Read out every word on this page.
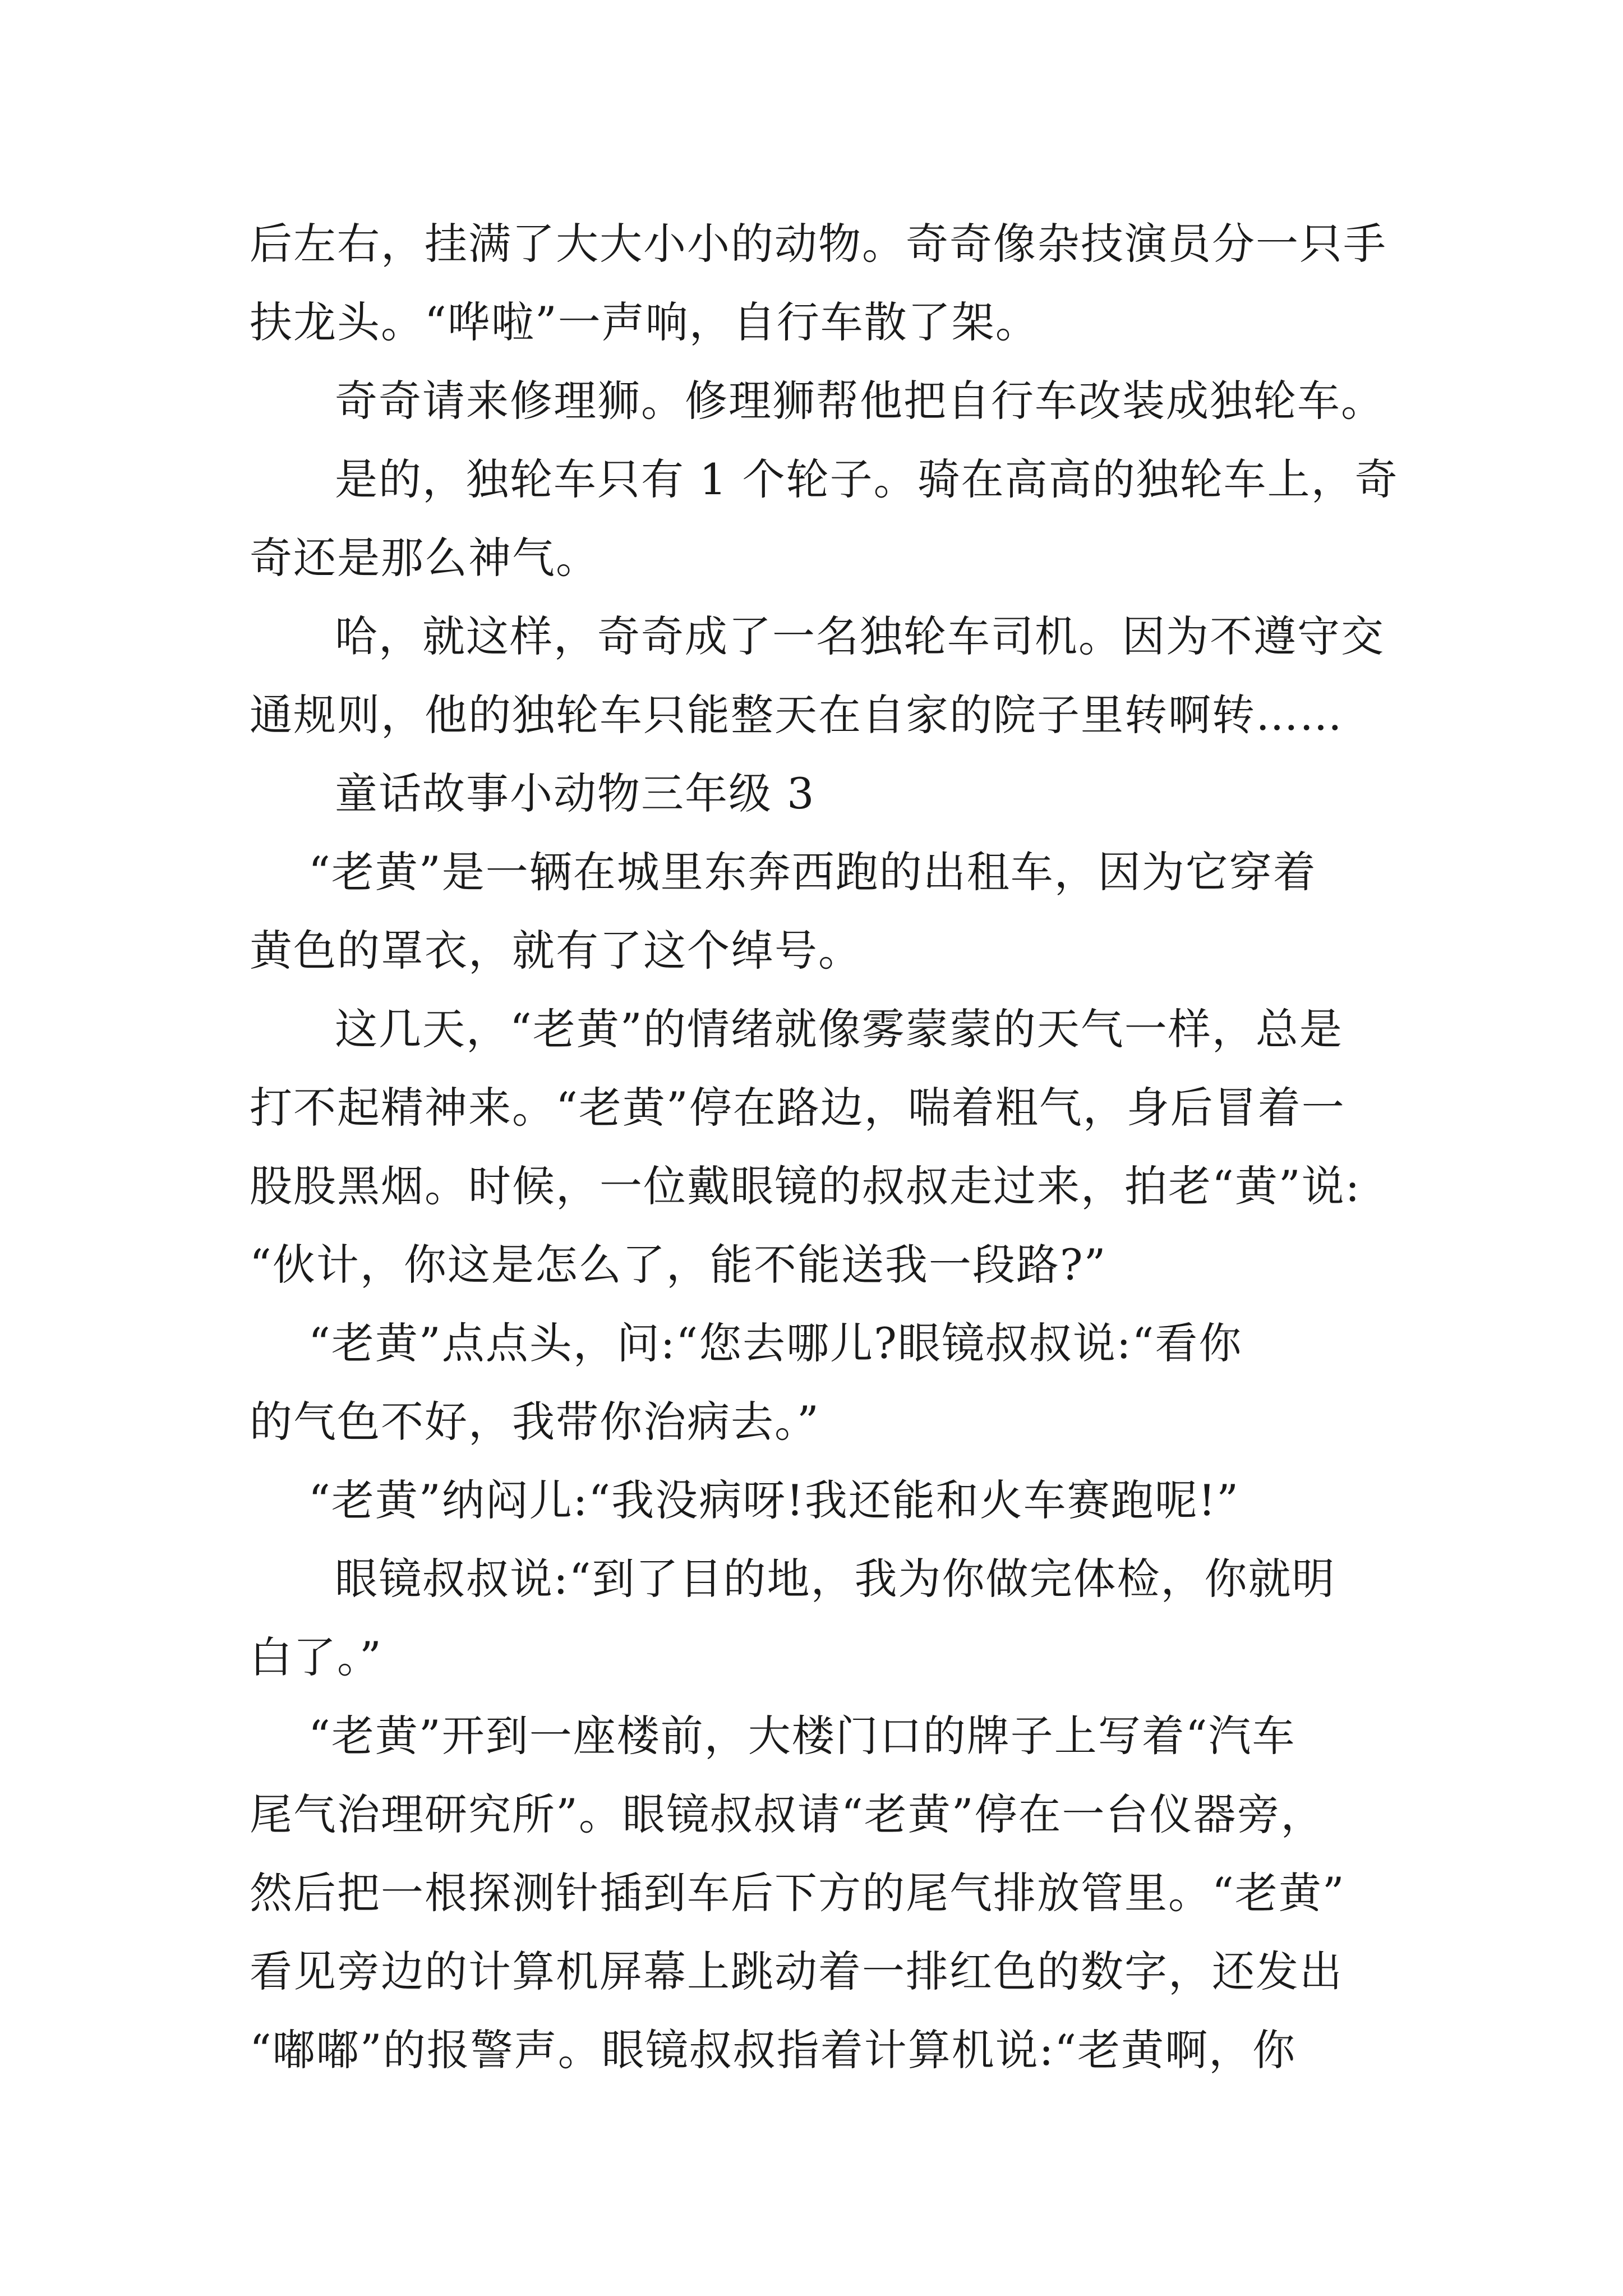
后左右，挂满了大大小小的动物。奇奇像杂技演员分一只手
扶龙头。“哗啦”一声响，自行车散了架。
奇奇请来修理狮。修理狮帮他把自行车改装成独轮车。
是的，独轮车只有 1 个轮子。骑在高高的独轮车上，奇
奇还是那么神气。
哈，就这样，奇奇成了一名独轮车司机。因为不遵守交
通规则，他的独轮车只能整天在自家的院子里转啊转……
童话故事小动物三年级 3
“老黄”是一辆在城里东奔西跑的出租车，因为它穿着
黄色的罩衣，就有了这个绰号。
这几天，“老黄”的情绪就像雾蒙蒙的天气一样，总是
打不起精神来。“老黄”停在路边，喘着粗气，身后冒着一
股股黑烟。时候，一位戴眼镜的叔叔走过来，拍老“黄”说:
“伙计，你这是怎么了，能不能送我一段路?”
“老黄”点点头，问:“您去哪儿?眼镜叔叔说:“看你
的气色不好，我带你治病去。”
“老黄”纳闷儿:“我没病呀!我还能和火车赛跑呢!”
眼镜叔叔说:“到了目的地，我为你做完体检，你就明
白了。”
“老黄”开到一座楼前，大楼门口的牌子上写着“汽车
尾气治理研究所”。眼镜叔叔请“老黄”停在一台仪器旁，
然后把一根探测针插到车后下方的尾气排放管里。“老黄”
看见旁边的计算机屏幕上跳动着一排红色的数字，还发出
“嘟嘟”的报警声。眼镜叔叔指着计算机说:“老黄啊，你
